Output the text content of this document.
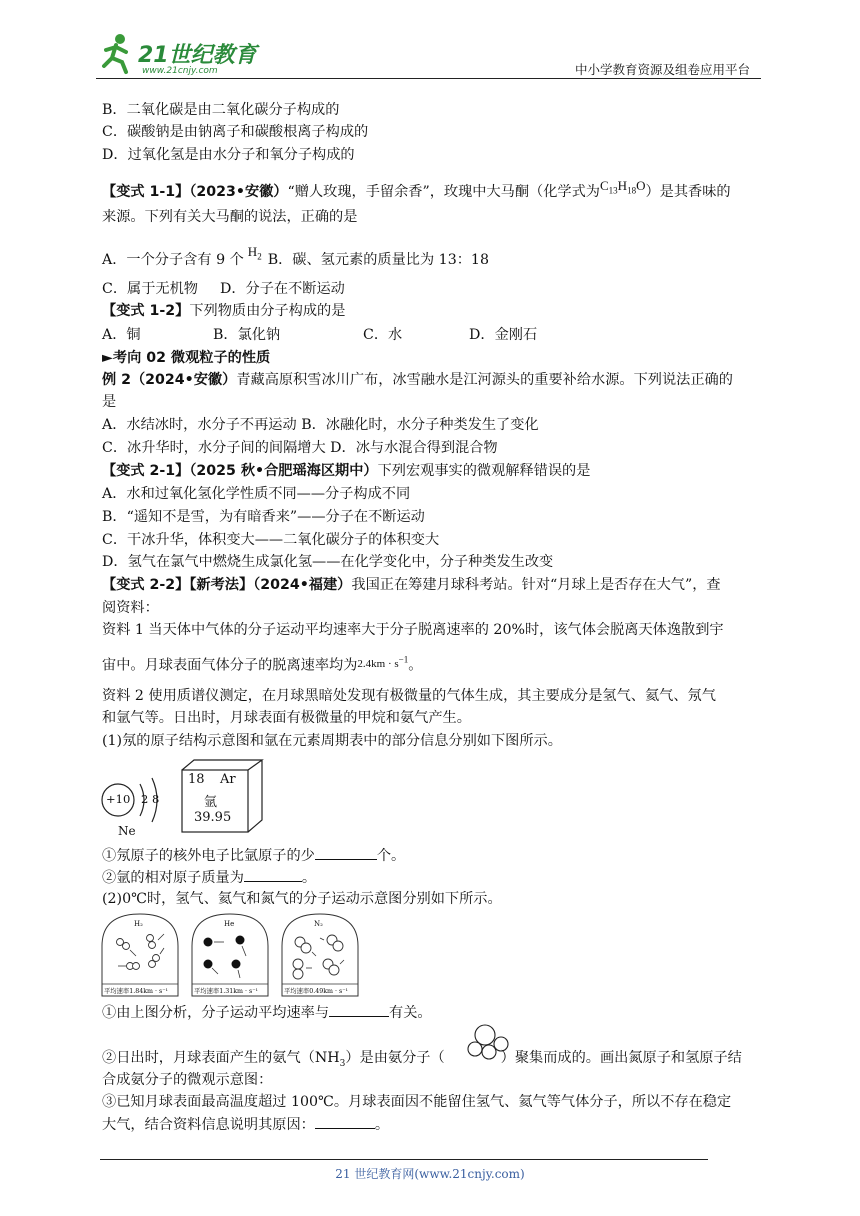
21世纪教育
www.21cnjy.com	中小学教育资源及组卷应用平台
B．二氧化碳是由二氧化碳分子构成的
C．碳酸钠是由钠离子和碳酸根离子构成的
D．过氧化氢是由水分子和氧分子构成的
【变式 1-1】（2023•安徽）“赠人玫瑰，手留余香”，玫瑰中大马酮（化学式为$C_{13}H_{18}O$）是其香味的
来源。下列有关大马酮的说法，正确的是
A．一个分子含有 9 个$H_2$ B．碳、氢元素的质量比为 13：18
C．属于无机物 D．分子在不断运动
【变式 1-2】下列物质由分子构成的是
A．铜	B．氯化钠	C．水	D．金刚石
►考向 02 微观粒子的性质
例 2（2024•安徽）青藏高原积雪冰川广布，冰雪融水是江河源头的重要补给水源。下列说法正确的
是
A．水结冰时，水分子不再运动 B．冰融化时，水分子种类发生了变化
C．冰升华时，水分子间的间隔增大 D．冰与水混合得到混合物
【变式 2-1】（2025 秋•合肥瑶海区期中）下列宏观事实的微观解释错误的是
A．水和过氧化氢化学性质不同——分子构成不同
B．“遥知不是雪，为有暗香来”——分子在不断运动
C．干冰升华，体积变大——二氧化碳分子的体积变大
D．氢气在氯气中燃烧生成氯化氢——在化学变化中，分子种类发生改变
【变式 2-2】【新考法】（2024•福建）我国正在筹建月球科考站。针对“月球上是否存在大气”，查
阅资料：
资料 1 当天体中气体的分子运动平均速率大于分子脱离速率的 20%时，该气体会脱离天体逸散到宇
宙中。月球表面气体分子的脱离速率均为$^{2.4km \cdot s^{-1}}$。
资料 2 使用质谱仪测定，在月球黑暗处发现有极微量的气体生成，其主要成分是氢气、氦气、氖气
和氩气等。日出时，月球表面有极微量的甲烷和氨气产生。
(1)氖的原子结构示意图和氩在元素周期表中的部分信息分别如下图所示。
+10 2 8
Ne
18 Ar
氩
39.95
①氖原子的核外电子比氩原子的少	个。
②氩的相对原子质量为	。
(2)0℃时，氢气、氦气和氮气的分子运动示意图分别如下所示。
H₂
平均速率1.84km · s⁻¹
He
平均速率1.31km · s⁻¹
N₂
平均速率0.49km · s⁻¹
①由上图分析，分子运动平均速率与	有关。
②日出时，月球表面产生的氨气$(NH_3)$是由氨分子（	）聚集而成的。画出氮原子和氢原子结
合成氨分子的微观示意图：
③已知月球表面最高温度超过 100℃。月球表面因不能留住氢气、氦气等气体分子，所以不存在稳定
大气，结合资料信息说明其原因：	。
21 世纪教育网(www.21cnjy.com)
